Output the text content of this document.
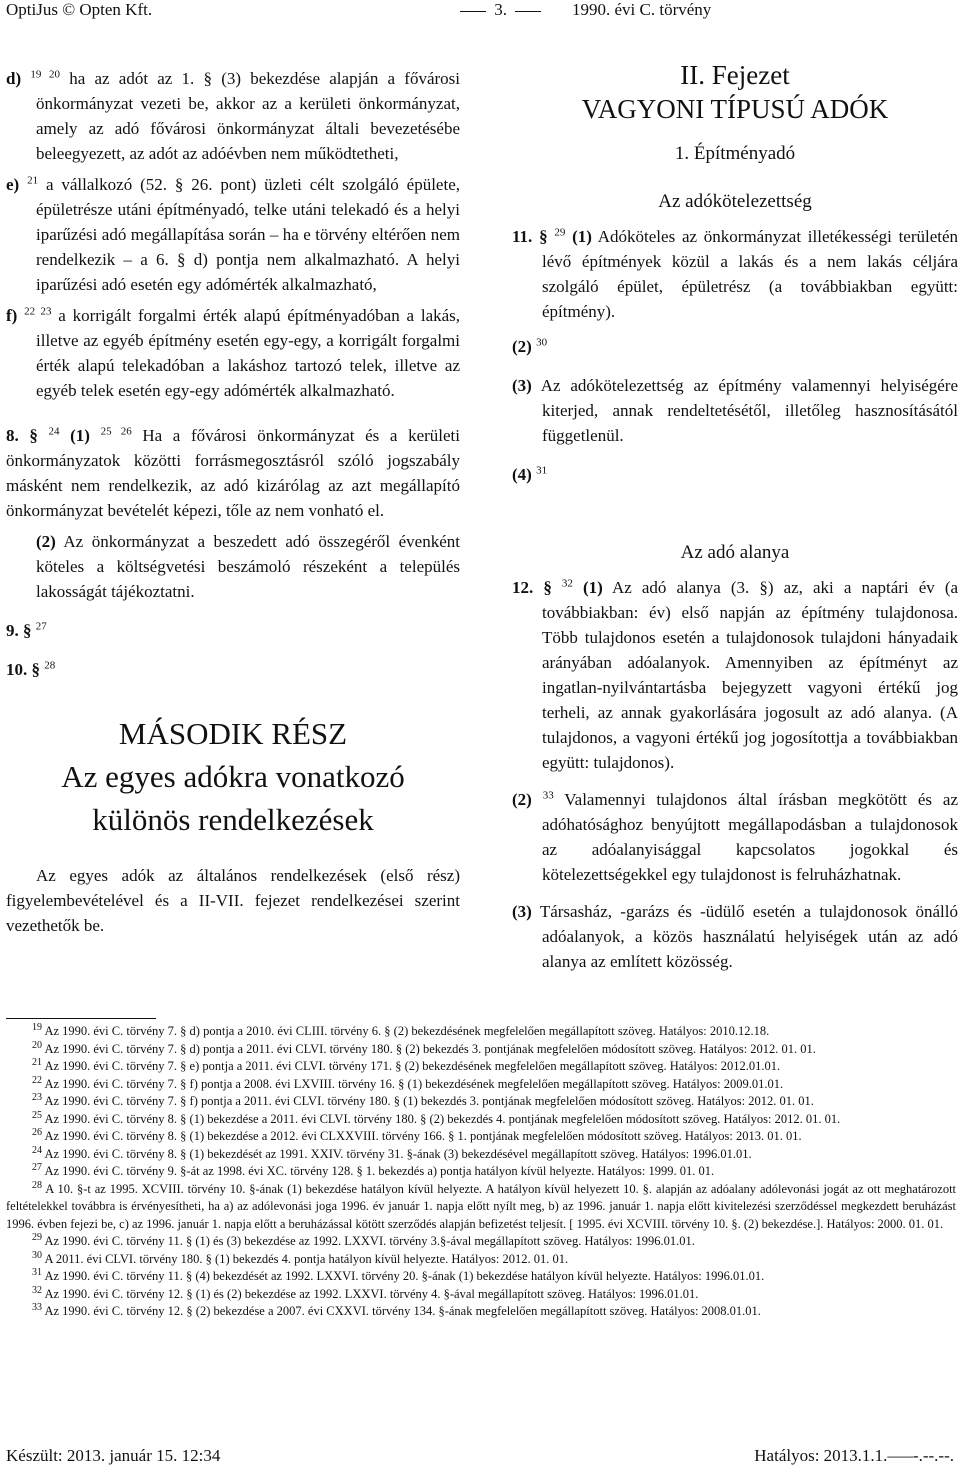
OptiJus © Opten Kft.	3.	1990. évi C. törvény
d) $^{19 20}$ ha az adót az 1. § (3) bekezdése alapján a fővárosi önkormányzat vezeti be, akkor az a kerületi önkormányzat, amely az adó fővárosi önkormányzat általi bevezetésébe beleegyezett, az adót az adóévben nem működtetheti,
e) $^{21}$ a vállalkozó (52. § 26. pont) üzleti célt szolgáló épülete, épületrésze utáni építményadó, telke utáni telekadó és a helyi iparűzési adó megállapítása során – ha e törvény eltérően nem rendelkezik – a 6. § d) pontja nem alkalmazható. A helyi iparűzési adó esetén egy adómérték alkalmazható,
f) $^{22 23}$ a korrigált forgalmi érték alapú építményadóban a lakás, illetve az egyéb építmény esetén egy-egy, a korrigált forgalmi érték alapú telekadóban a lakáshoz tartozó telek, illetve az egyéb telek esetén egy-egy adómérték alkalmazható.
8. § $^{24}$ (1) $^{25 26}$ Ha a fővárosi önkormányzat és a kerületi önkormányzatok közötti forrásmegosztásról szóló jogszabály másként nem rendelkezik, az adó kizárólag az azt megállapító önkormányzat bevételét képezi, tőle az nem vonható el.
(2) Az önkormányzat a beszedett adó összegéről évenként köteles a költségvetési beszámoló részeként a település lakosságát tájékoztatni.
9. § $^{27}$
10. § $^{28}$
MÁSODIK RÉSZ
Az egyes adókra vonatkozó
különös rendelkezések
Az egyes adók az általános rendelkezések (első rész) figyelembevételével és a II-VII. fejezet rendelkezései szerint vezethetők be.
II. Fejezet
VAGYONI TÍPUSÚ ADÓK
1. Építményadó
Az adókötelezettség
11. § $^{29}$ (1) Adóköteles az önkormányzat illetékességi területén lévő építmények közül a lakás és a nem lakás céljára szolgáló épület, épületrész (a továbbiakban együtt: építmény).
(2) $^{30}$
(3) Az adókötelezettség az építmény valamennyi helyiségére kiterjed, annak rendeltetésétől, illetőleg hasznosításától függetlenül.
(4) $^{31}$
Az adó alanya
12. § $^{32}$ (1) Az adó alanya (3. §) az, aki a naptári év (a továbbiakban: év) első napján az építmény tulajdonosa. Több tulajdonos esetén a tulajdonosok tulajdoni hányadaik arányában adóalanyok. Amennyiben az építményt az ingatlan-nyilvántartásba bejegyzett vagyoni értékű jog terheli, az annak gyakorlására jogosult az adó alanya. (A tulajdonos, a vagyoni értékű jog jogosítottja a továbbiakban együtt: tulajdonos).
(2) $^{33}$ Valamennyi tulajdonos által írásban megkötött és az adóhatósághoz benyújtott megállapodásban a tulajdonosok az adóalanyisággal kapcsolatos jogokkal és kötelezettségekkel egy tulajdonost is felruházhatnak.
(3) Társasház, -garázs és -üdülő esetén a tulajdonosok önálló adóalanyok, a közös használatú helyiségek után az adó alanya az említett közösség.
$^{19}$ Az 1990. évi C. törvény 7. § d) pontja a 2010. évi CLIII. törvény 6. § (2) bekezdésének megfelelően megállapított szöveg. Hatályos: 2010.12.18.
$^{20}$ Az 1990. évi C. törvény 7. § d) pontja a 2011. évi CLVI. törvény 180. § (2) bekezdés 3. pontjának megfelelően módosított szöveg. Hatályos: 2012. 01. 01.
$^{21}$ Az 1990. évi C. törvény 7. § e) pontja a 2011. évi CLVI. törvény 171. § (2) bekezdésének megfelelően megállapított szöveg. Hatályos: 2012.01.01.
$^{22}$ Az 1990. évi C. törvény 7. § f) pontja a 2008. évi LXVIII. törvény 16. § (1) bekezdésének megfelelően megállapított szöveg. Hatályos: 2009.01.01.
$^{23}$ Az 1990. évi C. törvény 7. § f) pontja a 2011. évi CLVI. törvény 180. § (1) bekezdés 3. pontjának megfelelően módosított szöveg. Hatályos: 2012. 01. 01.
$^{25}$ Az 1990. évi C. törvény 8. § (1) bekezdése a 2011. évi CLVI. törvény 180. § (2) bekezdés 4. pontjának megfelelően módosított szöveg. Hatályos: 2012. 01. 01.
$^{26}$ Az 1990. évi C. törvény 8. § (1) bekezdése a 2012. évi CLXXVIII. törvény 166. § 1. pontjának megfelelően módosított szöveg. Hatályos: 2013. 01. 01.
$^{24}$ Az 1990. évi C. törvény 8. § (1) bekezdését az 1991. XXIV. törvény 31. §-ának (3) bekezdésével megállapított szöveg. Hatályos: 1996.01.01.
$^{27}$ Az 1990. évi C. törvény 9. §-át az 1998. évi XC. törvény 128. § 1. bekezdés a) pontja hatályon kívül helyezte. Hatályos: 1999. 01. 01.
$^{28}$ A 10. §-t az 1995. XCVIII. törvény 10. §-ának (1) bekezdése hatályon kívül helyezte. A hatályon kívül helyezett 10. §. alapján az adóalany adólevonási jogát az ott meghatározott feltételekkel továbbra is érvényesítheti, ha a) az adólevonási joga 1996. év január 1. napja előtt nyílt meg, b) az 1996. január 1. napja előtt kivitelezési szerződéssel megkezdett beruházást 1996. évben fejezi be, c) az 1996. január 1. napja előtt a beruházással kötött szerződés alapján befizetést teljesít. [ 1995. évi XCVIII. törvény 10. §. (2) bekezdése.]. Hatályos: 2000. 01. 01.
$^{29}$ Az 1990. évi C. törvény 11. § (1) és (3) bekezdése az 1992. LXXVI. törvény 3.§-ával megállapított szöveg. Hatályos: 1996.01.01.
$^{30}$ A 2011. évi CLVI. törvény 180. § (1) bekezdés 4. pontja hatályon kívül helyezte. Hatályos: 2012. 01. 01.
$^{31}$ Az 1990. évi C. törvény 11. § (4) bekezdését az 1992. LXXVI. törvény 20. §-ának (1) bekezdése hatályon kívül helyezte. Hatályos: 1996.01.01.
$^{32}$ Az 1990. évi C. törvény 12. § (1) és (2) bekezdése az 1992. LXXVI. törvény 4. §-ával megállapított szöveg. Hatályos: 1996.01.01.
$^{33}$ Az 1990. évi C. törvény 12. § (2) bekezdése a 2007. évi CXXVI. törvény 134. §-ának megfelelően megállapított szöveg. Hatályos: 2008.01.01.
Készült: 2013. január 15. 12:34	Hatályos: 2013.1.1.–––-.--.--.
